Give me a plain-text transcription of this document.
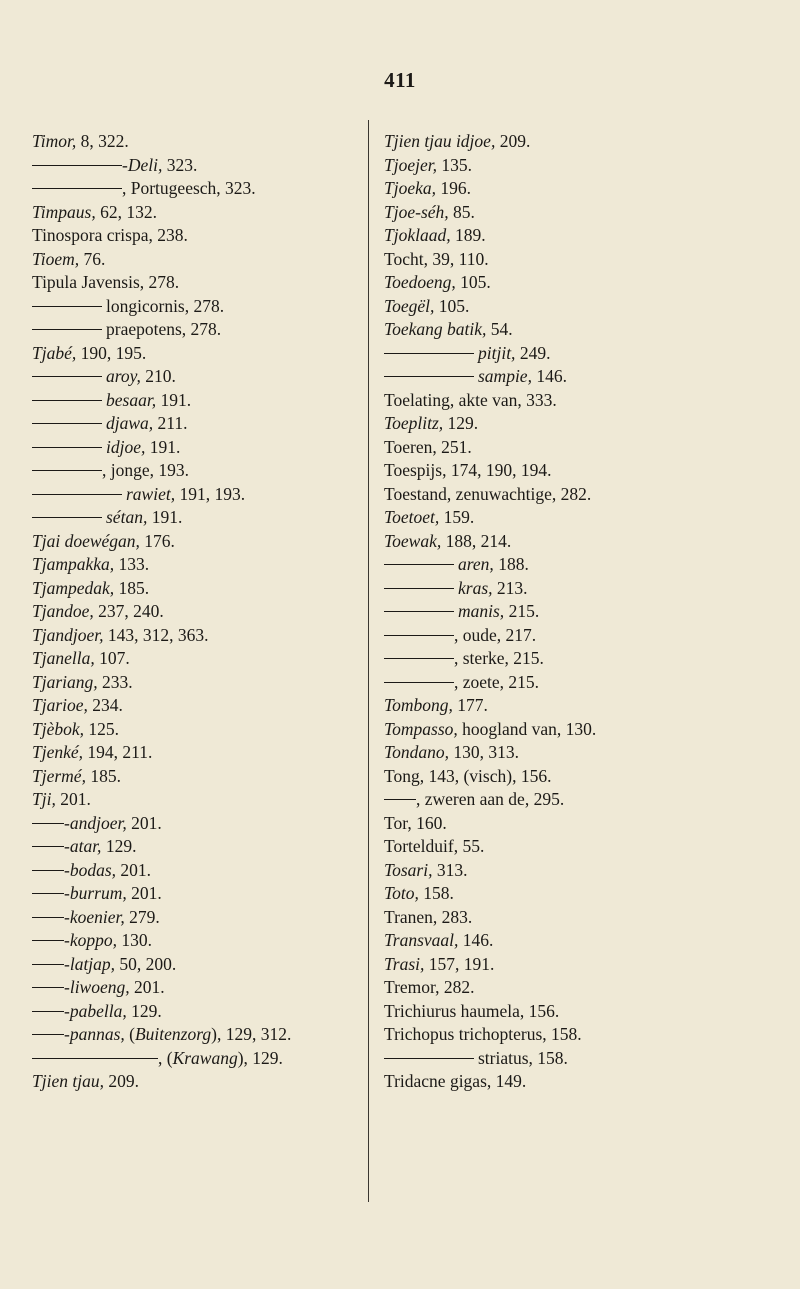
411
Timor, 8, 322.
-Deli, 323.
, Portugeesch, 323.
Timpaus, 62, 132.
Tinospora crispa, 238.
Tioem, 76.
Tipula Javensis, 278.
longicornis, 278.
praepotens, 278.
Tjabé, 190, 195.
aroy, 210.
besaar, 191.
djawa, 211.
idjoe, 191.
, jonge, 193.
rawiet, 191, 193.
sétan, 191.
Tjai doewégan, 176.
Tjampakka, 133.
Tjampedak, 185.
Tjandoe, 237, 240.
Tjandjoer, 143, 312, 363.
Tjanella, 107.
Tjariang, 233.
Tjarioe, 234.
Tjèbok, 125.
Tjenké, 194, 211.
Tjermé, 185.
Tji, 201.
-andjoer, 201.
-atar, 129.
-bodas, 201.
-burrum, 201.
-koenier, 279.
-koppo, 130.
-latjap, 50, 200.
-liwoeng, 201.
-pabella, 129.
-pannas, (Buitenzorg), 129, 312.
, (Krawang), 129.
Tjien tjau, 209.
Tjien tjau idjoe, 209.
Tjoejer, 135.
Tjoeka, 196.
Tjoe-séh, 85.
Tjoklaad, 189.
Tocht, 39, 110.
Toedoeng, 105.
Toegël, 105.
Toekang batik, 54.
pitjit, 249.
sampie, 146.
Toelating, akte van, 333.
Toeplitz, 129.
Toeren, 251.
Toespijs, 174, 190, 194.
Toestand, zenuwachtige, 282.
Toetoet, 159.
Toewak, 188, 214.
aren, 188.
kras, 213.
manis, 215.
, oude, 217.
, sterke, 215.
, zoete, 215.
Tombong, 177.
Tompasso, hoogland van, 130.
Tondano, 130, 313.
Tong, 143, (visch), 156.
, zweren aan de, 295.
Tor, 160.
Tortelduif, 55.
Tosari, 313.
Toto, 158.
Tranen, 283.
Transvaal, 146.
Trasi, 157, 191.
Tremor, 282.
Trichiurus haumela, 156.
Trichopus trichopterus, 158.
striatus, 158.
Tridacne gigas, 149.
